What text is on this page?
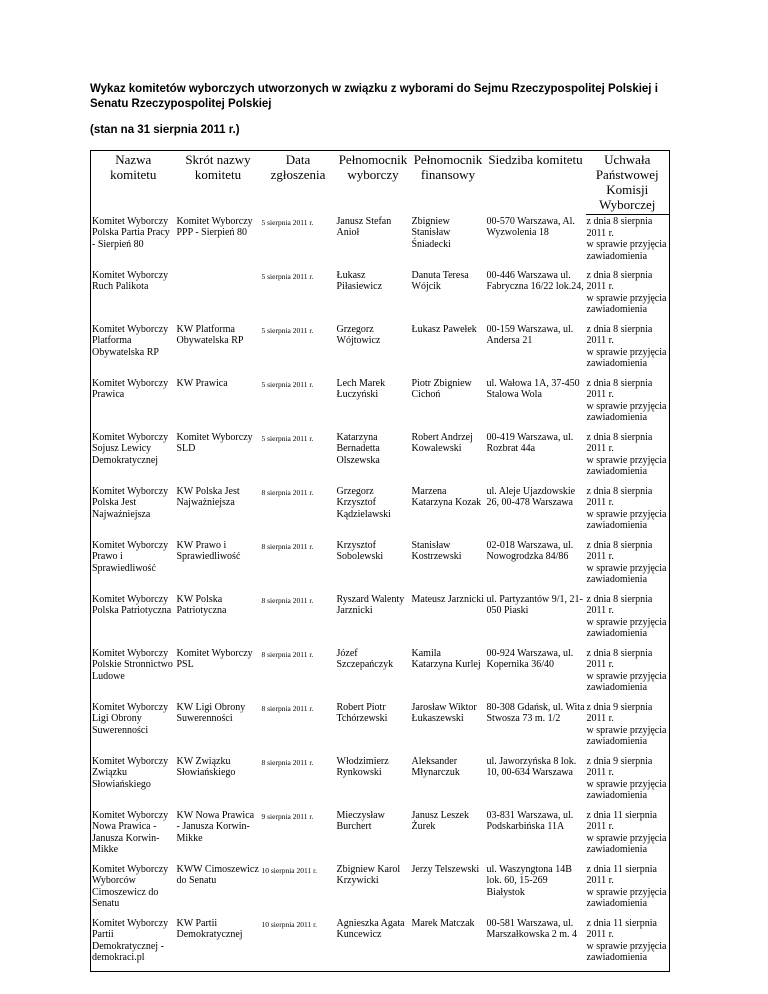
Wykaz komitetów wyborczych utworzonych w związku z wyborami do Sejmu Rzeczypospolitej Polskiej i Senatu Rzeczypospolitej Polskiej
(stan na 31 sierpnia 2011 r.)
Nazwa komitetu	Skrót nazwy komitetu	Data zgłoszenia	Pełnomocnik wyborczy	Pełnomocnik finansowy	Siedziba komitetu	Uchwała Państwowej Komisji Wyborczej
Komitet Wyborczy Polska Partia Pracy - Sierpień 80	Komitet Wyborczy PPP - Sierpień 80	5 sierpnia 2011 r.	Janusz Stefan Anioł	Zbigniew Stanisław Śniadecki	00-570 Warszawa, Al. Wyzwolenia 18	z dnia 8 sierpnia 2011 r.
w sprawie przyjęcia zawiadomienia
Komitet Wyborczy Ruch Palikota		5 sierpnia 2011 r.	Łukasz Piłasiewicz	Danuta Teresa Wójcik	00-446 Warszawa ul. Fabryczna 16/22 lok.24,	z dnia 8 sierpnia 2011 r.
w sprawie przyjęcia zawiadomienia
Komitet Wyborczy Platforma Obywatelska RP	KW Platforma Obywatelska RP	5 sierpnia 2011 r.	Grzegorz Wójtowicz	Łukasz Pawełek	00-159 Warszawa, ul. Andersa 21	z dnia 8 sierpnia 2011 r.
w sprawie przyjęcia zawiadomienia
Komitet Wyborczy Prawica	KW Prawica	5 sierpnia 2011 r.	Lech Marek Łuczyński	Piotr Zbigniew Cichoń	ul. Wałowa 1A, 37-450 Stalowa Wola	z dnia 8 sierpnia 2011 r.
w sprawie przyjęcia zawiadomienia
Komitet Wyborczy Sojusz Lewicy Demokratycznej	Komitet Wyborczy SLD	5 sierpnia 2011 r.	Katarzyna Bernadetta Olszewska	Robert Andrzej Kowalewski	00-419 Warszawa, ul. Rozbrat 44a	z dnia 8 sierpnia 2011 r.
w sprawie przyjęcia zawiadomienia
Komitet Wyborczy Polska Jest Najważniejsza	KW Polska Jest Najważniejsza	8 sierpnia 2011 r.	Grzegorz Krzysztof Kądzielawski	Marzena Katarzyna Kozak	ul. Aleje Ujazdowskie 26, 00-478 Warszawa	z dnia 8 sierpnia 2011 r.
w sprawie przyjęcia zawiadomienia
Komitet Wyborczy Prawo i Sprawiedliwość	KW Prawo i Sprawiedliwość	8 sierpnia 2011 r.	Krzysztof Sobolewski	Stanisław Kostrzewski	02-018 Warszawa, ul. Nowogrodzka 84/86	z dnia 8 sierpnia 2011 r.
w sprawie przyjęcia zawiadomienia
Komitet Wyborczy Polska Patriotyczna	KW Polska Patriotyczna	8 sierpnia 2011 r.	Ryszard Walenty Jarznicki	Mateusz Jarznicki	ul. Partyzantów 9/1, 21-050 Piaski	z dnia 8 sierpnia 2011 r.
w sprawie przyjęcia zawiadomienia
Komitet Wyborczy Polskie Stronnictwo Ludowe	Komitet Wyborczy PSL	8 sierpnia 2011 r.	Józef Szczepańczyk	Kamila Katarzyna Kurlej	00-924 Warszawa, ul. Kopernika 36/40	z dnia 8 sierpnia 2011 r.
w sprawie przyjęcia zawiadomienia
Komitet Wyborczy Ligi Obrony Suwerenności	KW Ligi Obrony Suwerenności	8 sierpnia 2011 r.	Robert Piotr Tchórzewski	Jarosław Wiktor Łukaszewski	80-308 Gdańsk, ul. Wita Stwosza 73 m. 1/2	z dnia 9 sierpnia 2011 r.
w sprawie przyjęcia zawiadomienia
Komitet Wyborczy Związku Słowiańskiego	KW Związku Słowiańskiego	8 sierpnia 2011 r.	Włodzimierz Rynkowski	Aleksander Młynarczuk	ul. Jaworzyńska 8 lok. 10, 00-634 Warszawa	z dnia 9 sierpnia 2011 r.
w sprawie przyjęcia zawiadomienia
Komitet Wyborczy Nowa Prawica - Janusza Korwin-Mikke	KW Nowa Prawica - Janusza Korwin-Mikke	9 sierpnia 2011 r.	Mieczysław Burchert	Janusz Leszek Żurek	03-831 Warszawa, ul. Podskarbińska 11A	z dnia 11 sierpnia 2011 r.
w sprawie przyjęcia zawiadomienia
Komitet Wyborczy Wyborców Cimoszewicz do Senatu	KWW Cimoszewicz do Senatu	10 sierpnia 2011 r.	Zbigniew Karol Krzywicki	Jerzy Telszewski	ul. Waszyngtona 14B lok. 60, 15-269 Białystok	z dnia 11 sierpnia 2011 r.
w sprawie przyjęcia zawiadomienia
Komitet Wyborczy Partii Demokratycznej - demokraci.pl	KW Partii Demokratycznej	10 sierpnia 2011 r.	Agnieszka Agata Kuncewicz	Marek Matczak	00-581 Warszawa, ul. Marszałkowska 2 m. 4	z dnia 11 sierpnia 2011 r.
w sprawie przyjęcia zawiadomienia
